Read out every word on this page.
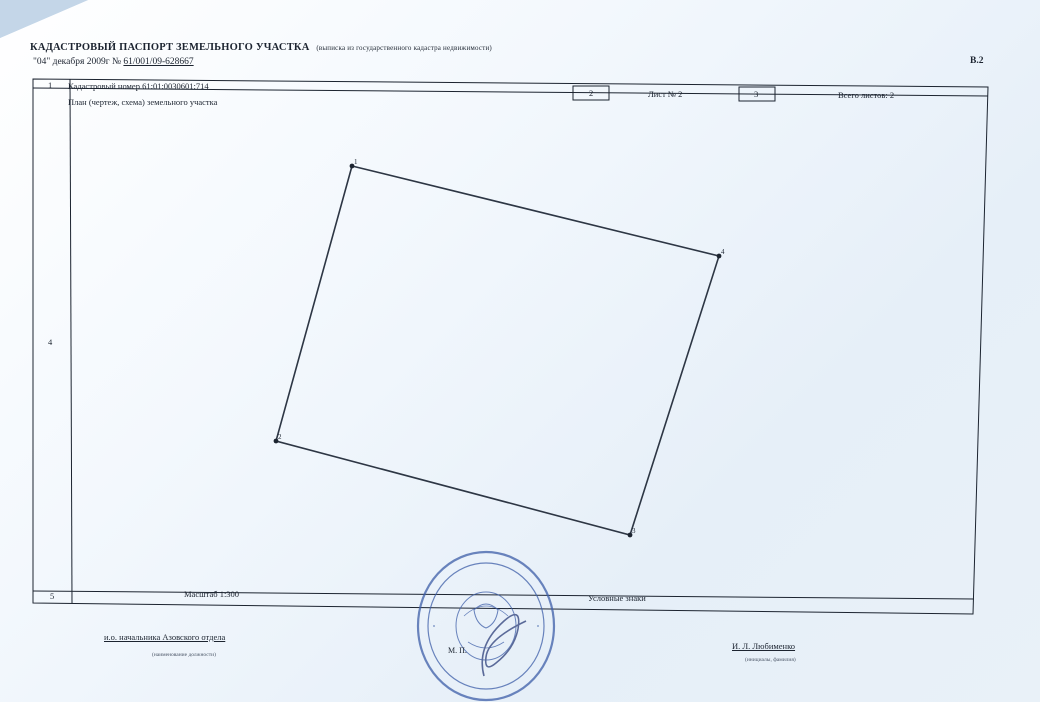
КАДАСТРОВЫЙ ПАСПОРТ ЗЕМЕЛЬНОГО УЧАСТКА (выписка из государственного кадастра недвижимости)
"04" декабря 2009г № 61/001/09-628667	В.2
1
4
3
2
1 Кадастровый номер 61:01:0030601:714
2	Лист № 2	3	Всего листов: 2
План (чертеж, схема) земельного участка
4
5	Масштаб 1:300	Условные знаки
и.о. начальника Азовского отдела
(наименование должности)
И. Л. Любименко
(инициалы, фамилия)
М. П.
